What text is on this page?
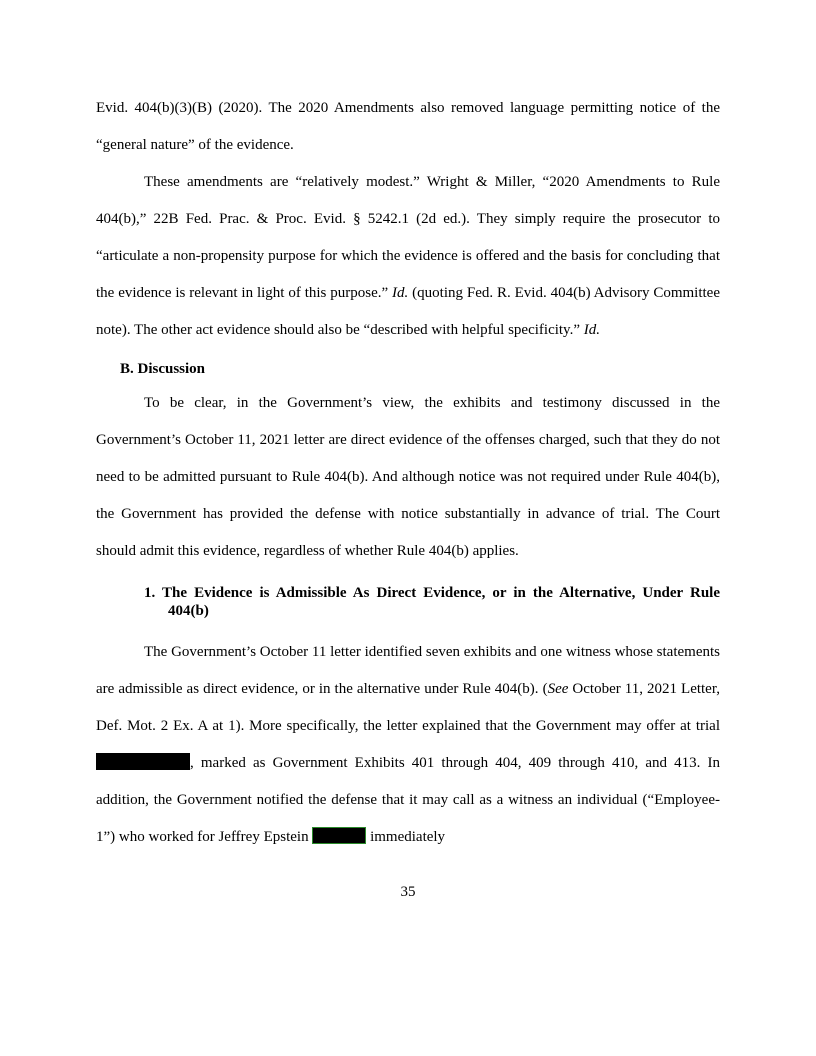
Evid. 404(b)(3)(B) (2020). The 2020 Amendments also removed language permitting notice of the “general nature” of the evidence.

These amendments are “relatively modest.” Wright & Miller, “2020 Amendments to Rule 404(b),” 22B Fed. Prac. & Proc. Evid. § 5242.1 (2d ed.). They simply require the prosecutor to “articulate a non-propensity purpose for which the evidence is offered and the basis for concluding that the evidence is relevant in light of this purpose.” Id. (quoting Fed. R. Evid. 404(b) Advisory Committee note). The other act evidence should also be “described with helpful specificity.” Id.

B. Discussion

To be clear, in the Government’s view, the exhibits and testimony discussed in the Government’s October 11, 2021 letter are direct evidence of the offenses charged, such that they do not need to be admitted pursuant to Rule 404(b). And although notice was not required under Rule 404(b), the Government has provided the defense with notice substantially in advance of trial. The Court should admit this evidence, regardless of whether Rule 404(b) applies.

1. The Evidence is Admissible As Direct Evidence, or in the Alternative, Under Rule 404(b)

The Government’s October 11 letter identified seven exhibits and one witness whose statements are admissible as direct evidence, or in the alternative under Rule 404(b). (See October 11, 2021 Letter, Def. Mot. 2 Ex. A at 1). More specifically, the letter explained that the Government may offer at trial, marked as Government Exhibits 401 through 404, 409 through 410, and 413. In addition, the Government notified the defense that it may call as a witness an individual (“Employee-1”) who worked for Jeffrey Epstein	immediately

35
